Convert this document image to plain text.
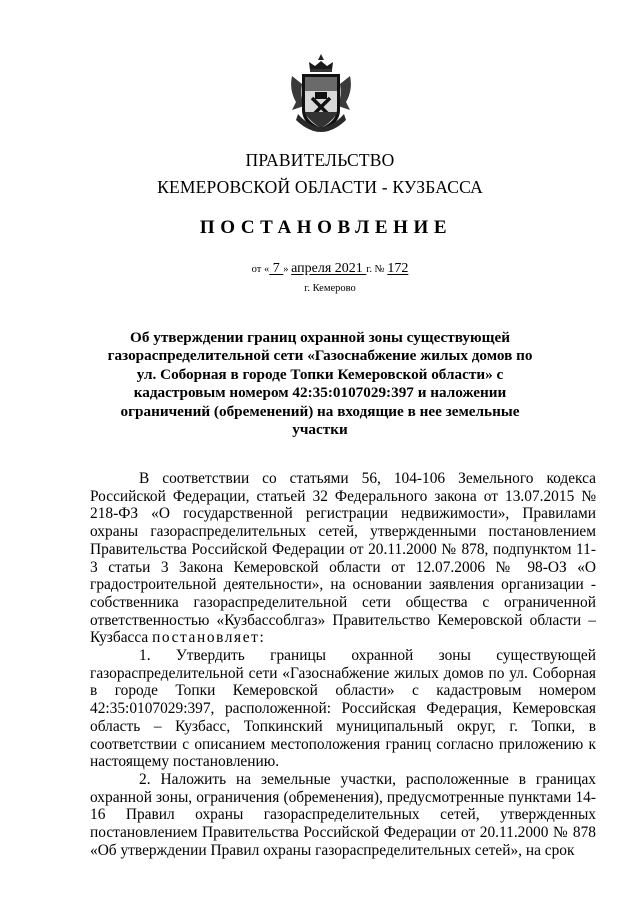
ПРАВИТЕЛЬСТВО
КЕМЕРОВСКОЙ ОБЛАСТИ - КУЗБАССА
ПОСТАНОВЛЕНИЕ
от « 7 » апреля 2021 г. № 172
г. Кемерово
Об утверждении границ охранной зоны существующей газораспределительной сети «Газоснабжение жилых домов по ул. Соборная в городе Топки Кемеровской области» с кадастровым номером 42:35:0107029:397 и наложении ограничений (обременений) на входящие в нее земельные участки

В соответствии со статьями 56, 104-106 Земельного кодекса Российской Федерации, статьей 32 Федерального закона от 13.07.2015 № 218-ФЗ «О государственной регистрации недвижимости», Правилами охраны газораспределительных сетей, утвержденными постановлением Правительства Российской Федерации от 20.11.2000 № 878, подпунктом 11-3 статьи 3 Закона Кемеровской области от 12.07.2006 № 98-ОЗ «О градостроительной деятельности», на основании заявления организации - собственника газораспределительной сети общества с ограниченной ответственностью «Кузбассоблгаз» Правительство Кемеровской области – Кузбасса постановляет:

1. Утвердить границы охранной зоны существующей газораспределительной сети «Газоснабжение жилых домов по ул. Соборная в городе Топки Кемеровской области» с кадастровым номером 42:35:0107029:397, расположенной: Российская Федерация, Кемеровская область – Кузбасс, Топкинский муниципальный округ, г. Топки, в соответствии с описанием местоположения границ согласно приложению к настоящему постановлению.

2. Наложить на земельные участки, расположенные в границах охранной зоны, ограничения (обременения), предусмотренные пунктами 14-16 Правил охраны газораспределительных сетей, утвержденных постановлением Правительства Российской Федерации от 20.11.2000 № 878 «Об утверждении Правил охраны газораспределительных сетей», на срок
